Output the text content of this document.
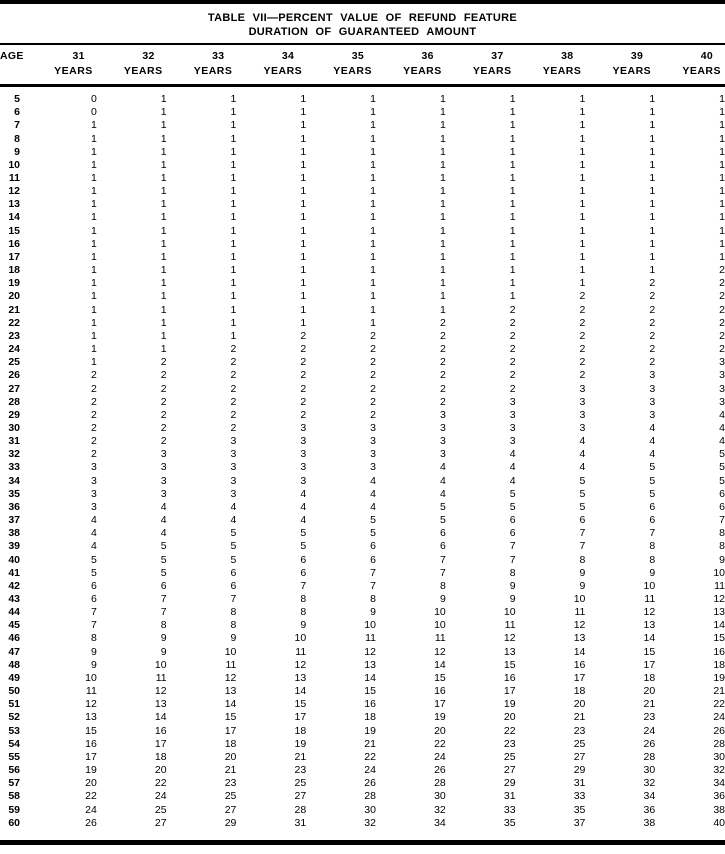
TABLE VII—PERCENT VALUE OF REFUND FEATURE
DURATION OF GUARANTEED AMOUNT
AGE	31	32	33	34	35	36	37	38	39	40
	YEARS	YEARS	YEARS	YEARS	YEARS	YEARS	YEARS	YEARS	YEARS	YEARS
5	0	1	1	1	1	1	1	1	1	1
6	0	1	1	1	1	1	1	1	1	1
7	1	1	1	1	1	1	1	1	1	1
8	1	1	1	1	1	1	1	1	1	1
9	1	1	1	1	1	1	1	1	1	1
10	1	1	1	1	1	1	1	1	1	1
11	1	1	1	1	1	1	1	1	1	1
12	1	1	1	1	1	1	1	1	1	1
13	1	1	1	1	1	1	1	1	1	1
14	1	1	1	1	1	1	1	1	1	1
15	1	1	1	1	1	1	1	1	1	1
16	1	1	1	1	1	1	1	1	1	1
17	1	1	1	1	1	1	1	1	1	1
18	1	1	1	1	1	1	1	1	1	2
19	1	1	1	1	1	1	1	1	2	2
20	1	1	1	1	1	1	1	2	2	2
21	1	1	1	1	1	1	2	2	2	2
22	1	1	1	1	1	2	2	2	2	2
23	1	1	1	2	2	2	2	2	2	2
24	1	1	2	2	2	2	2	2	2	2
25	1	2	2	2	2	2	2	2	2	3
26	2	2	2	2	2	2	2	2	3	3
27	2	2	2	2	2	2	2	3	3	3
28	2	2	2	2	2	2	3	3	3	3
29	2	2	2	2	2	3	3	3	3	4
30	2	2	2	3	3	3	3	3	4	4
31	2	2	3	3	3	3	3	4	4	4
32	2	3	3	3	3	3	4	4	4	5
33	3	3	3	3	3	4	4	4	5	5
34	3	3	3	3	4	4	4	5	5	5
35	3	3	3	4	4	4	5	5	5	6
36	3	4	4	4	4	5	5	5	6	6
37	4	4	4	4	5	5	6	6	6	7
38	4	4	5	5	5	6	6	7	7	8
39	4	5	5	5	6	6	7	7	8	8
40	5	5	5	6	6	7	7	8	8	9
41	5	5	6	6	7	7	8	9	9	10
42	6	6	6	7	7	8	9	9	10	11
43	6	7	7	8	8	9	9	10	11	12
44	7	7	8	8	9	10	10	11	12	13
45	7	8	8	9	10	10	11	12	13	14
46	8	9	9	10	11	11	12	13	14	15
47	9	9	10	11	12	12	13	14	15	16
48	9	10	11	12	13	14	15	16	17	18
49	10	11	12	13	14	15	16	17	18	19
50	11	12	13	14	15	16	17	18	20	21
51	12	13	14	15	16	17	19	20	21	22
52	13	14	15	17	18	19	20	21	23	24
53	15	16	17	18	19	20	22	23	24	26
54	16	17	18	19	21	22	23	25	26	28
55	17	18	20	21	22	24	25	27	28	30
56	19	20	21	23	24	26	27	29	30	32
57	20	22	23	25	26	28	29	31	32	34
58	22	24	25	27	28	30	31	33	34	36
59	24	25	27	28	30	32	33	35	36	38
60	26	27	29	31	32	34	35	37	38	40
